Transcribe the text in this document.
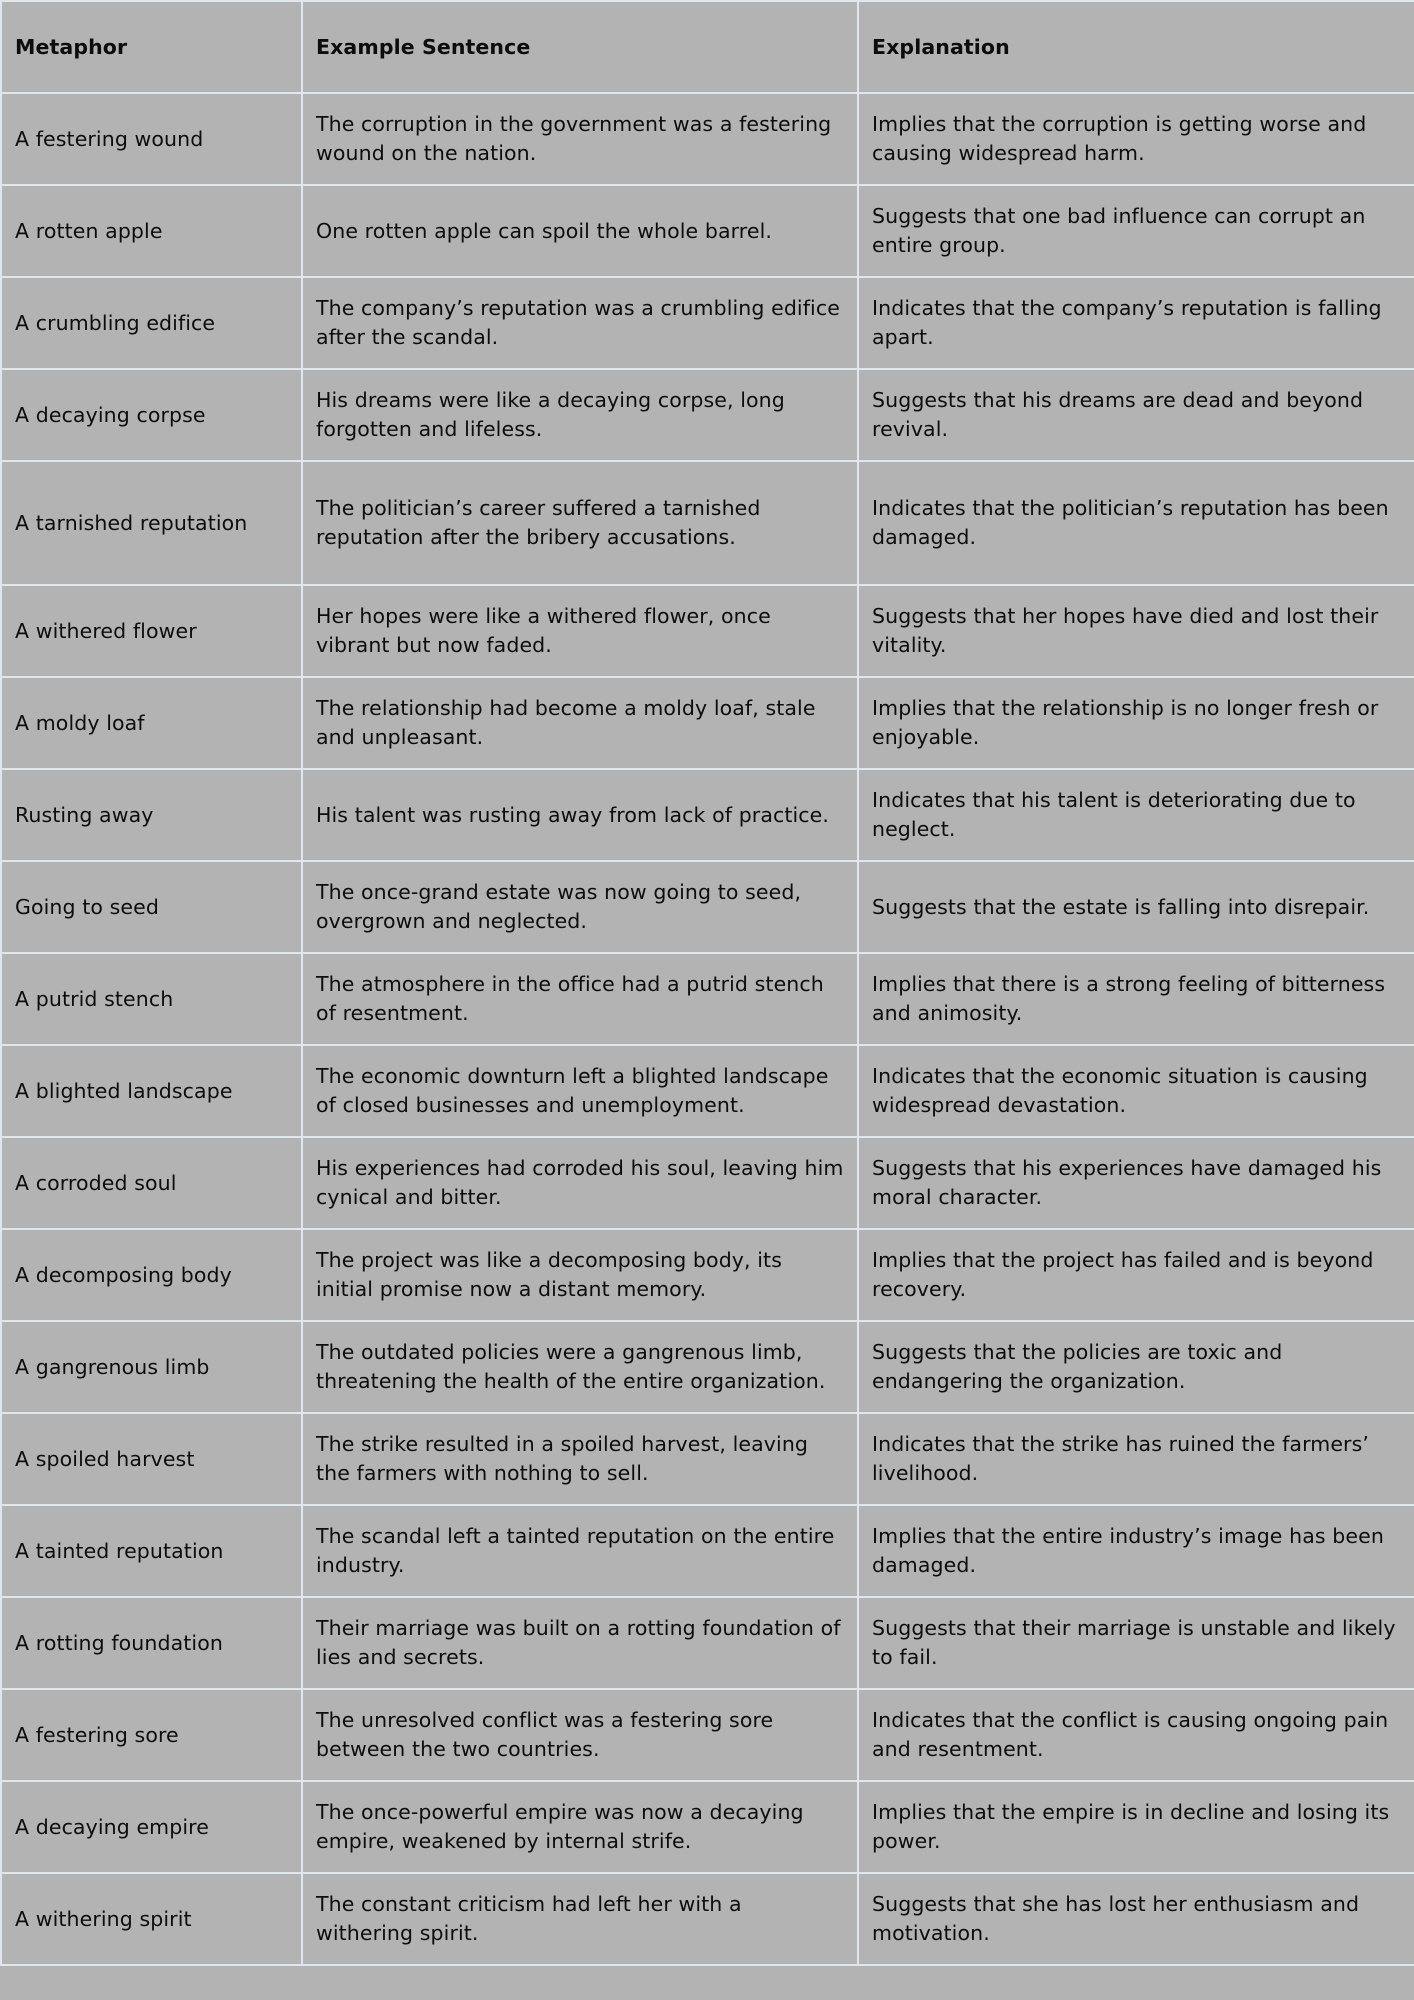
Metaphor	Example Sentence	Explanation
A festering wound	The corruption in the government was a festering wound on the nation.	Implies that the corruption is getting worse and causing widespread harm.
A rotten apple	One rotten apple can spoil the whole barrel.	Suggests that one bad influence can corrupt an entire group.
A crumbling edifice	The company’s reputation was a crumbling edifice after the scandal.	Indicates that the company’s reputation is falling apart.
A decaying corpse	His dreams were like a decaying corpse, long forgotten and lifeless.	Suggests that his dreams are dead and beyond revival.
A tarnished reputation	The politician’s career suffered a tarnished reputation after the bribery accusations.	Indicates that the politician’s reputation has been damaged.
A withered flower	Her hopes were like a withered flower, once vibrant but now faded.	Suggests that her hopes have died and lost their vitality.
A moldy loaf	The relationship had become a moldy loaf, stale and unpleasant.	Implies that the relationship is no longer fresh or enjoyable.
Rusting away	His talent was rusting away from lack of practice.	Indicates that his talent is deteriorating due to neglect.
Going to seed	The once-grand estate was now going to seed, overgrown and neglected.	Suggests that the estate is falling into disrepair.
A putrid stench	The atmosphere in the office had a putrid stench of resentment.	Implies that there is a strong feeling of bitterness and animosity.
A blighted landscape	The economic downturn left a blighted landscape of closed businesses and unemployment.	Indicates that the economic situation is causing widespread devastation.
A corroded soul	His experiences had corroded his soul, leaving him cynical and bitter.	Suggests that his experiences have damaged his moral character.
A decomposing body	The project was like a decomposing body, its initial promise now a distant memory.	Implies that the project has failed and is beyond recovery.
A gangrenous limb	The outdated policies were a gangrenous limb, threatening the health of the entire organization.	Suggests that the policies are toxic and endangering the organization.
A spoiled harvest	The strike resulted in a spoiled harvest, leaving the farmers with nothing to sell.	Indicates that the strike has ruined the farmers’ livelihood.
A tainted reputation	The scandal left a tainted reputation on the entire industry.	Implies that the entire industry’s image has been damaged.
A rotting foundation	Their marriage was built on a rotting foundation of lies and secrets.	Suggests that their marriage is unstable and likely to fail.
A festering sore	The unresolved conflict was a festering sore between the two countries.	Indicates that the conflict is causing ongoing pain and resentment.
A decaying empire	The once-powerful empire was now a decaying empire, weakened by internal strife.	Implies that the empire is in decline and losing its power.
A withering spirit	The constant criticism had left her with a withering spirit.	Suggests that she has lost her enthusiasm and motivation.
